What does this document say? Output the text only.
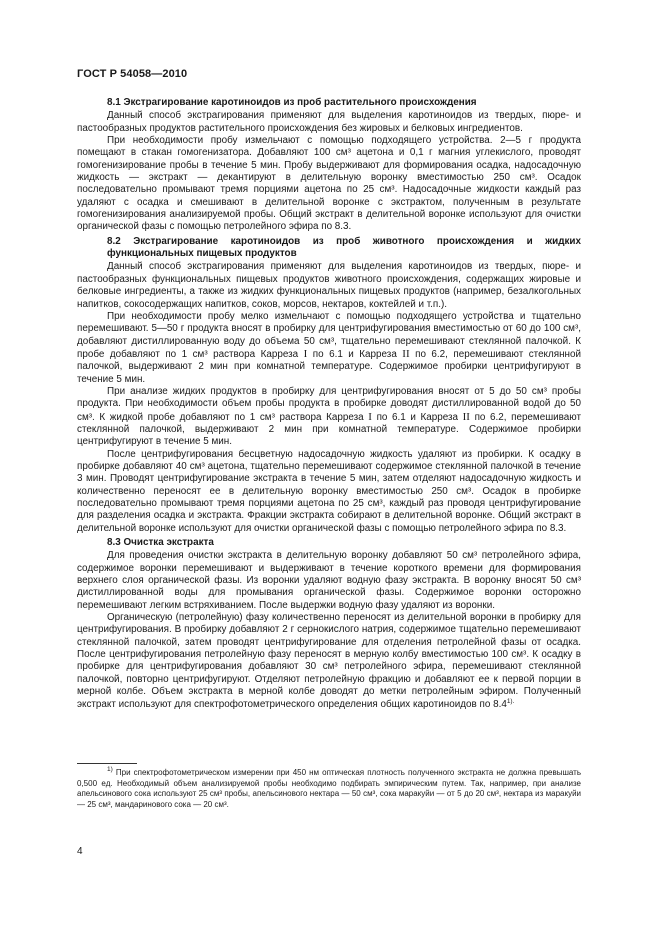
ГОСТ Р 54058—2010
8.1 Экстрагирование каротиноидов из проб растительного происхождения

Данный способ экстрагирования применяют для выделения каротиноидов из твердых, пюре- и пастообразных продуктов растительного происхождения без жировых и белковых ингредиентов.

При необходимости пробу измельчают с помощью подходящего устройства. 2—5 г продукта помещают в стакан гомогенизатора. Добавляют 100 см³ ацетона и 0,1 г магния углекислого, проводят гомогенизирование пробы в течение 5 мин. Пробу выдерживают для формирования осадка, надосадочную жидкость — экстракт — декантируют в делительную воронку вместимостью 250 см³. Осадок последовательно промывают тремя порциями ацетона по 25 см³. Надосадочные жидкости каждый раз удаляют с осадка и смешивают в делительной воронке с экстрактом, полученным в результате гомогенизирования анализируемой пробы. Общий экстракт в делительной воронке используют для очистки органической фазы с помощью петролейного эфира по 8.3.

8.2 Экстрагирование каротиноидов из проб животного происхождения и жидких функциональных пищевых продуктов

Данный способ экстрагирования применяют для выделения каротиноидов из твердых, пюре- и пастообразных функциональных пищевых продуктов животного происхождения, содержащих жировые и белковые ингредиенты, а также из жидких функциональных пищевых продуктов (например, безалкогольных напитков, сокосодержащих напитков, соков, морсов, нектаров, коктейлей и т.п.).

При необходимости пробу мелко измельчают с помощью подходящего устройства и тщательно перемешивают. 5—50 г продукта вносят в пробирку для центрифугирования вместимостью от 60 до 100 см³, добавляют дистиллированную воду до объема 50 см³, тщательно перемешивают стеклянной палочкой. К пробе добавляют по 1 см³ раствора Карреза I по 6.1 и Карреза II по 6.2, перемешивают стеклянной палочкой, выдерживают 2 мин при комнатной температуре. Содержимое пробирки центрифугируют в течение 5 мин.

При анализе жидких продуктов в пробирку для центрифугирования вносят от 5 до 50 см³ пробы продукта. При необходимости объем пробы продукта в пробирке доводят дистиллированной водой до 50 см³. К жидкой пробе добавляют по 1 см³ раствора Карреза I по 6.1 и Карреза II по 6.2, перемешивают стеклянной палочкой, выдерживают 2 мин при комнатной температуре. Содержимое пробирки центрифугируют в течение 5 мин.

После центрифугирования бесцветную надосадочную жидкость удаляют из пробирки. К осадку в пробирке добавляют 40 см³ ацетона, тщательно перемешивают содержимое стеклянной палочкой в течение 3 мин. Проводят центрифугирование экстракта в течение 5 мин, затем отделяют надосадочную жидкость и количественно переносят ее в делительную воронку вместимостью 250 см³. Осадок в пробирке последовательно промывают тремя порциями ацетона по 25 см³, каждый раз проводя центрифугирование для разделения осадка и экстракта. Фракции экстракта собирают в делительной воронке. Общий экстракт в делительной воронке используют для очистки органической фазы с помощью петролейного эфира по 8.3.

8.3 Очистка экстракта

Для проведения очистки экстракта в делительную воронку добавляют 50 см³ петролейного эфира, содержимое воронки перемешивают и выдерживают в течение короткого времени для формирования верхнего слоя органической фазы. Из воронки удаляют водную фазу экстракта. В воронку вносят 50 см³ дистиллированной воды для промывания органической фазы. Содержимое воронки осторожно перемешивают легким встряхиванием. После выдержки водную фазу удаляют из воронки.

Органическую (петролейную) фазу количественно переносят из делительной воронки в пробирку для центрифугирования. В пробирку добавляют 2 г сернокислого натрия, содержимое тщательно перемешивают стеклянной палочкой, затем проводят центрифугирование для отделения петролейной фазы от осадка. После центрифугирования петролейную фазу переносят в мерную колбу вместимостью 100 см³. К осадку в пробирке для центрифугирования добавляют 30 см³ петролейного эфира, перемешивают стеклянной палочкой, повторно центрифугируют. Отделяют петролейную фракцию и добавляют ее к первой порции в мерной колбе. Объем экстракта в мерной колбе доводят до метки петролейным эфиром. Полученный экстракт используют для спектрофотометрического определения общих каротиноидов по $8.4^{1).}$

$^{1)}$ При спектрофотометрическом измерении при 450 нм оптическая плотность полученного экстракта не должна превышать 0,500 ед. Необходимый объем анализируемой пробы необходимо подбирать эмпирическим путем. Так, например, при анализе апельсинового сока используют 25 см³ пробы, апельсинового нектара — 50 см³, сока маракуйи — от 5 до 20 см³, нектара из маракуйи — 25 см³, мандаринового сока — 20 см³.

4
